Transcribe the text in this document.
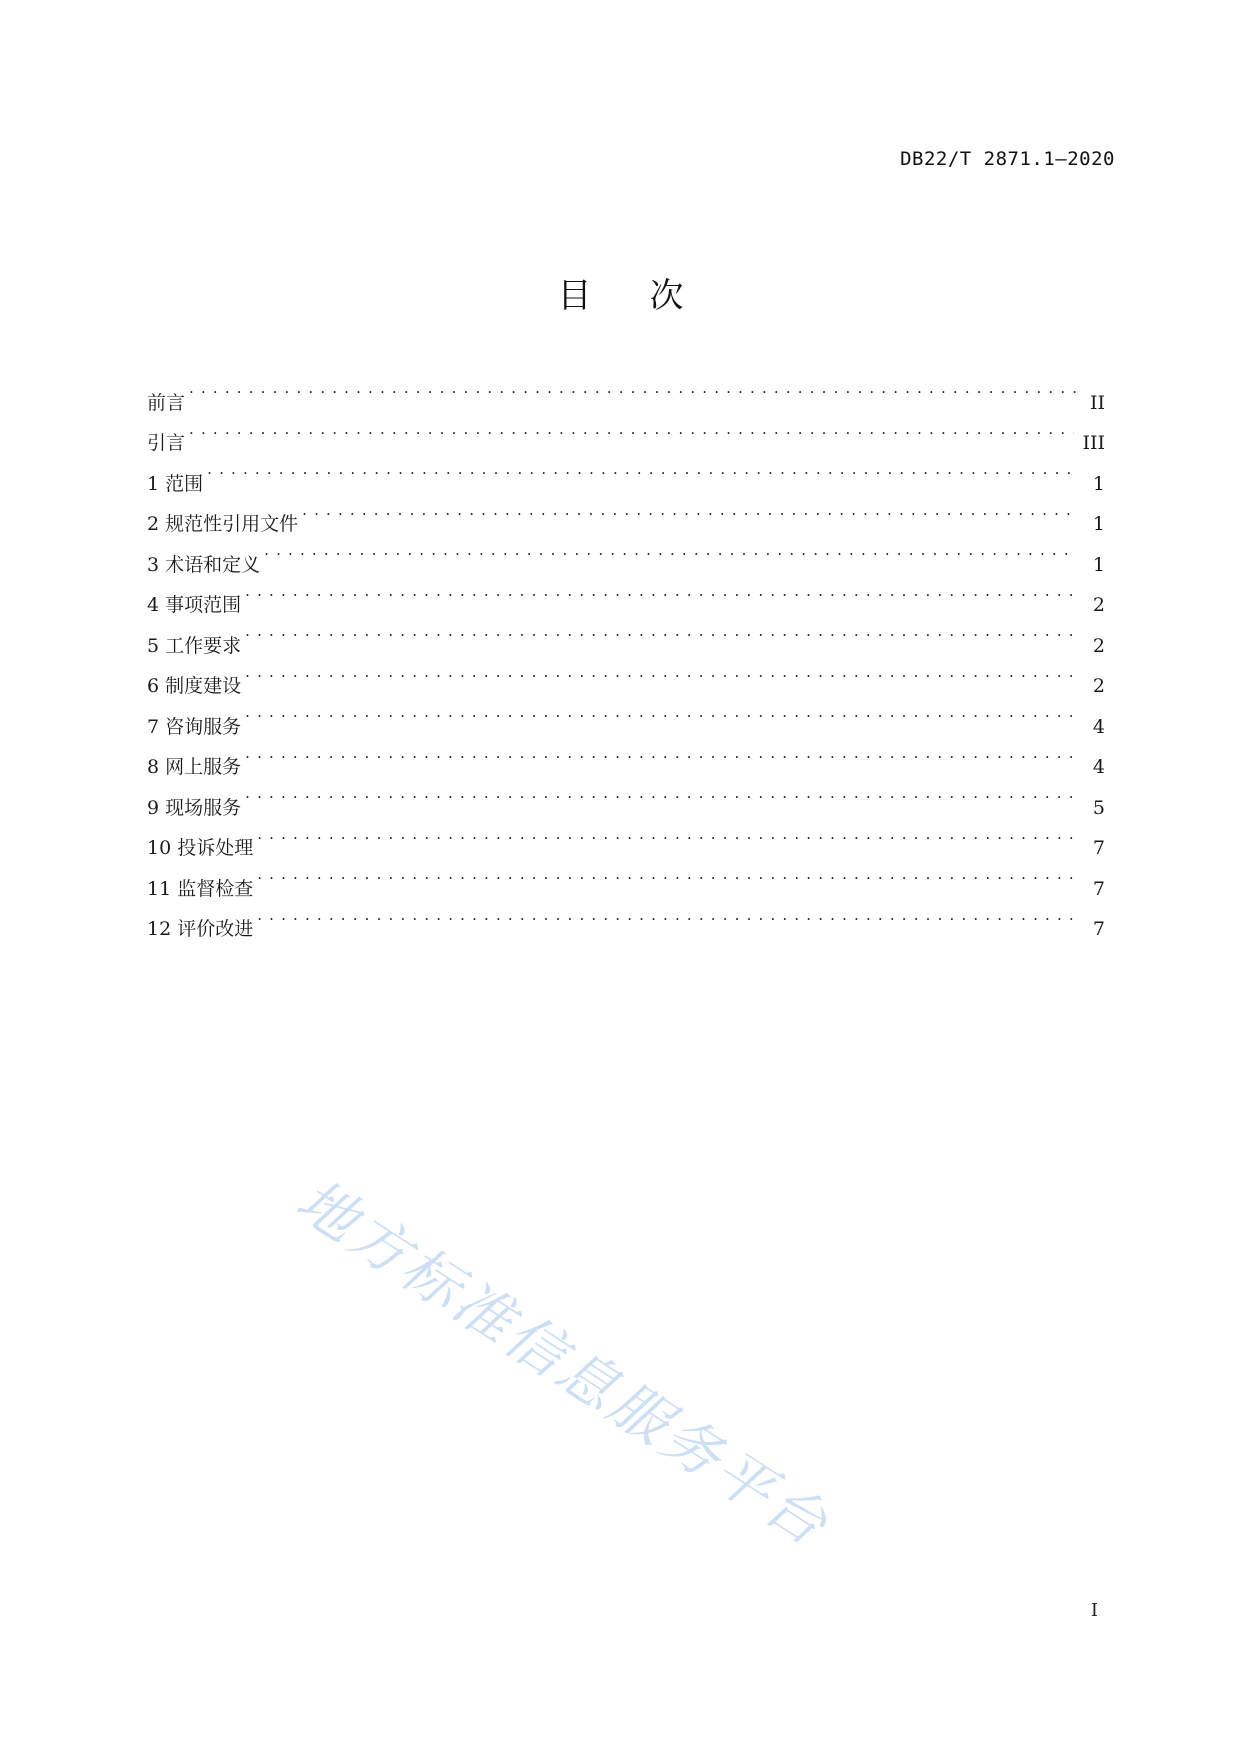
DB22/T 2871.1—2020
目次
前言 . . .	II
引言 . . .	III
1 范围 . . .	1
2 规范性引用文件 . . .	1
3 术语和定义 . . .	1
4 事项范围 . . .	2
5 工作要求 . . .	2
6 制度建设 . . .	2
7 咨询服务 . . .	4
8 网上服务 . . .	4
9 现场服务 . . .	5
10 投诉处理 . . .	7
11 监督检查 . . .	7
12 评价改进 . . .	7
地方标准信息服务平台
I
